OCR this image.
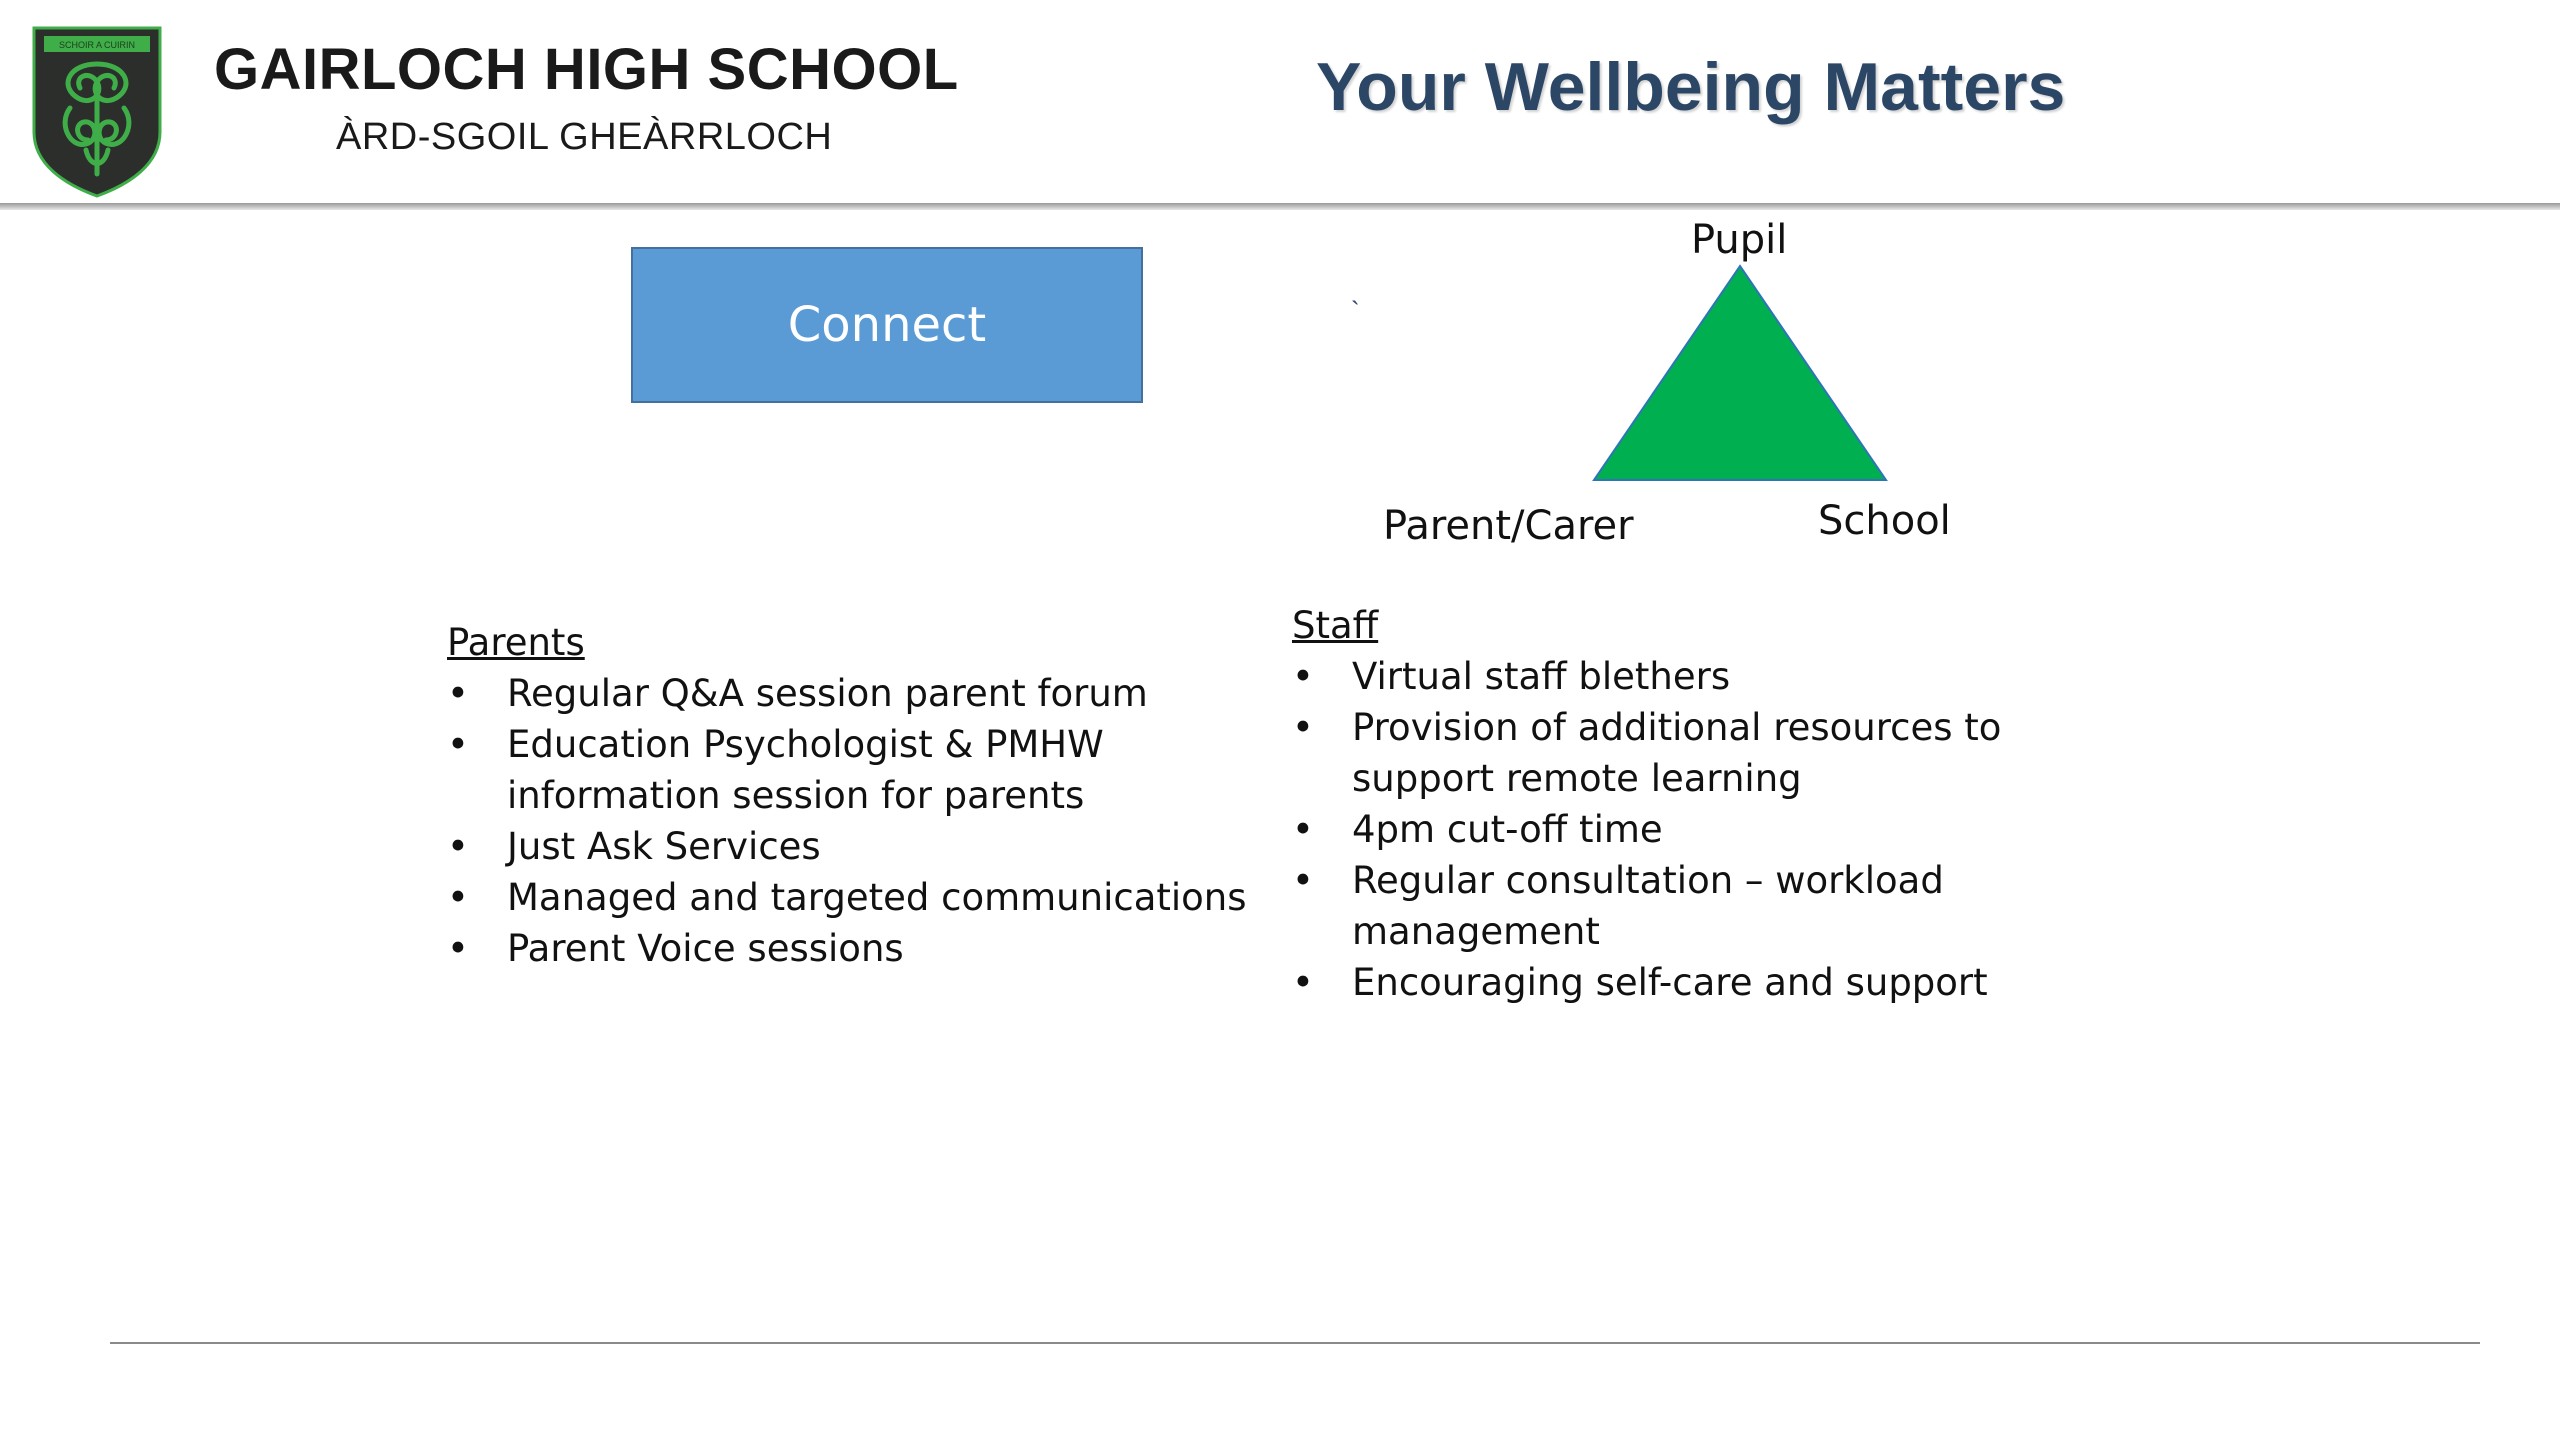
SCHOIR A CUIRIN GAIRLOCH HIGH SCHOOL
ÀRD-SGOIL GHEÀRRLOCH
Your Wellbeing Matters
Connect	`
Pupil
Parent/Carer	School
Parents
• Regular Q&A session parent forum
• Education Psychologist & PMHW information session for parents
• Just Ask Services
• Managed and targeted communications
• Parent Voice sessions
Staff
• Virtual staff blethers
• Provision of additional resources to support remote learning
• 4pm cut-off time
• Regular consultation – workload management
• Encouraging self-care and support
